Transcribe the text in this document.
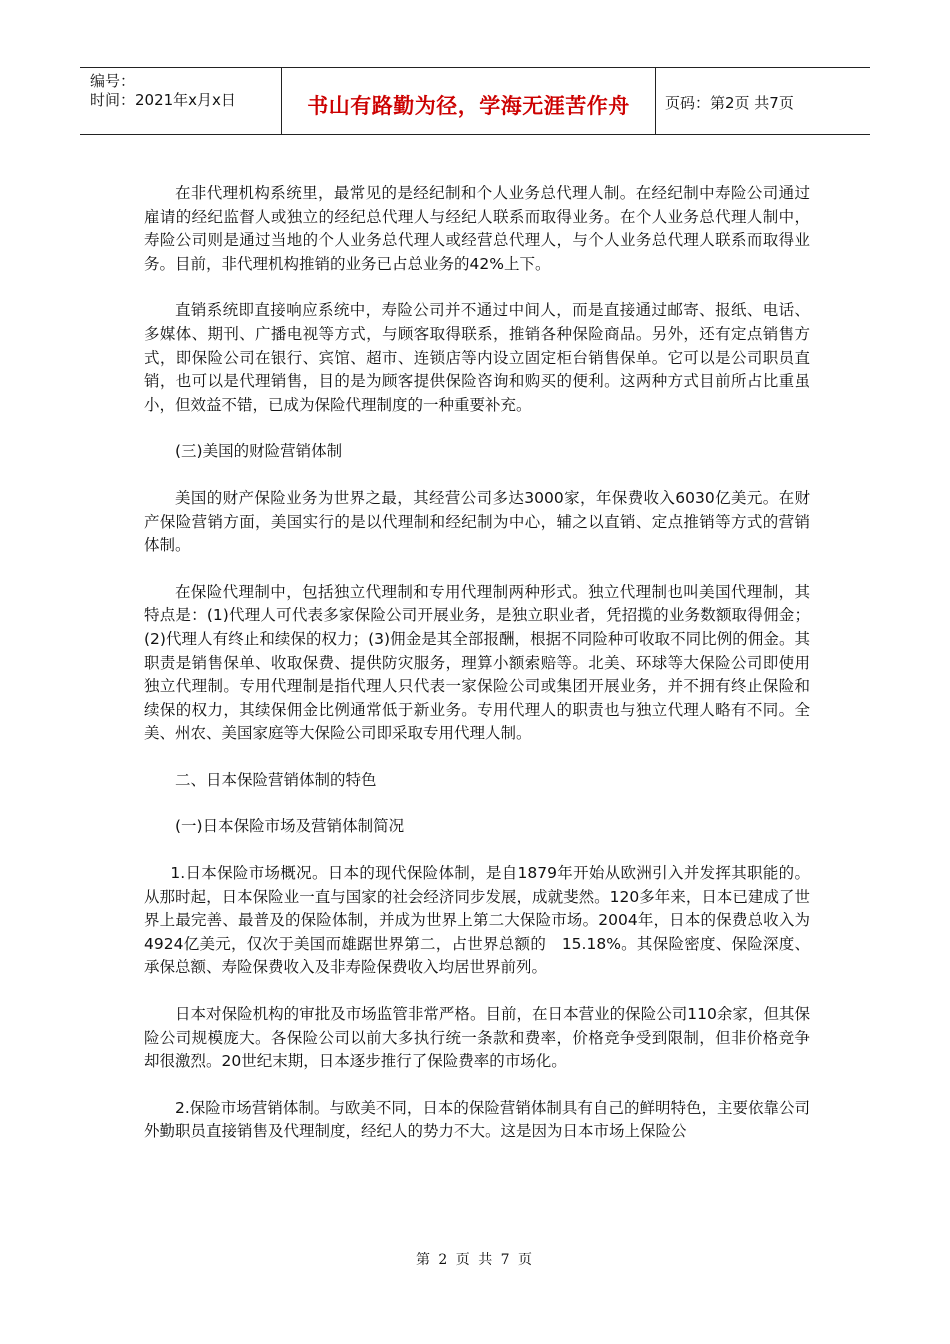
编号：
时间：2021年x月x日	书山有路勤为径，学海无涯苦作舟	页码：第2页 共7页

在非代理机构系统里，最常见的是经纪制和个人业务总代理人制。在经纪制中寿险公司通过雇请的经纪监督人或独立的经纪总代理人与经纪人联系而取得业务。在个人业务总代理人制中，寿险公司则是通过当地的个人业务总代理人或经营总代理人，与个人业务总代理人联系而取得业务。目前，非代理机构推销的业务已占总业务的42%上下。

直销系统即直接响应系统中，寿险公司并不通过中间人，而是直接通过邮寄、报纸、电话、多媒体、期刊、广播电视等方式，与顾客取得联系，推销各种保险商品。另外，还有定点销售方式，即保险公司在银行、宾馆、超市、连锁店等内设立固定柜台销售保单。它可以是公司职员直销，也可以是代理销售，目的是为顾客提供保险咨询和购买的便利。这两种方式目前所占比重虽小，但效益不错，已成为保险代理制度的一种重要补充。

(三)美国的财险营销体制

美国的财产保险业务为世界之最，其经营公司多达3000家，年保费收入6030亿美元。在财产保险营销方面，美国实行的是以代理制和经纪制为中心，辅之以直销、定点推销等方式的营销体制。

在保险代理制中，包括独立代理制和专用代理制两种形式。独立代理制也叫美国代理制，其特点是：(1)代理人可代表多家保险公司开展业务，是独立职业者，凭招揽的业务数额取得佣金；(2)代理人有终止和续保的权力；(3)佣金是其全部报酬，根据不同险种可收取不同比例的佣金。其职责是销售保单、收取保费、提供防灾服务，理算小额索赔等。北美、环球等大保险公司即使用独立代理制。专用代理制是指代理人只代表一家保险公司或集团开展业务，并不拥有终止保险和续保的权力，其续保佣金比例通常低于新业务。专用代理人的职责也与独立代理人略有不同。全美、州农、美国家庭等大保险公司即采取专用代理人制。

二、日本保险营销体制的特色

(一)日本保险市场及营销体制简况

1.日本保险市场概况。日本的现代保险体制，是自1879年开始从欧洲引入并发挥其职能的。从那时起，日本保险业一直与国家的社会经济同步发展，成就斐然。120多年来，日本已建成了世界上最完善、最普及的保险体制，并成为世界上第二大保险市场。2004年，日本的保费总收入为4924亿美元，仅次于美国而雄踞世界第二，占世界总额的　15.18%。其保险密度、保险深度、承保总额、寿险保费收入及非寿险保费收入均居世界前列。

日本对保险机构的审批及市场监管非常严格。目前，在日本营业的保险公司110余家，但其保险公司规模庞大。各保险公司以前大多执行统一条款和费率，价格竞争受到限制，但非价格竞争却很激烈。20世纪末期，日本逐步推行了保险费率的市场化。

2.保险市场营销体制。与欧美不同，日本的保险营销体制具有自己的鲜明特色，主要依靠公司外勤职员直接销售及代理制度，经纪人的势力不大。这是因为日本市场上保险公

第 2 页 共 7 页
